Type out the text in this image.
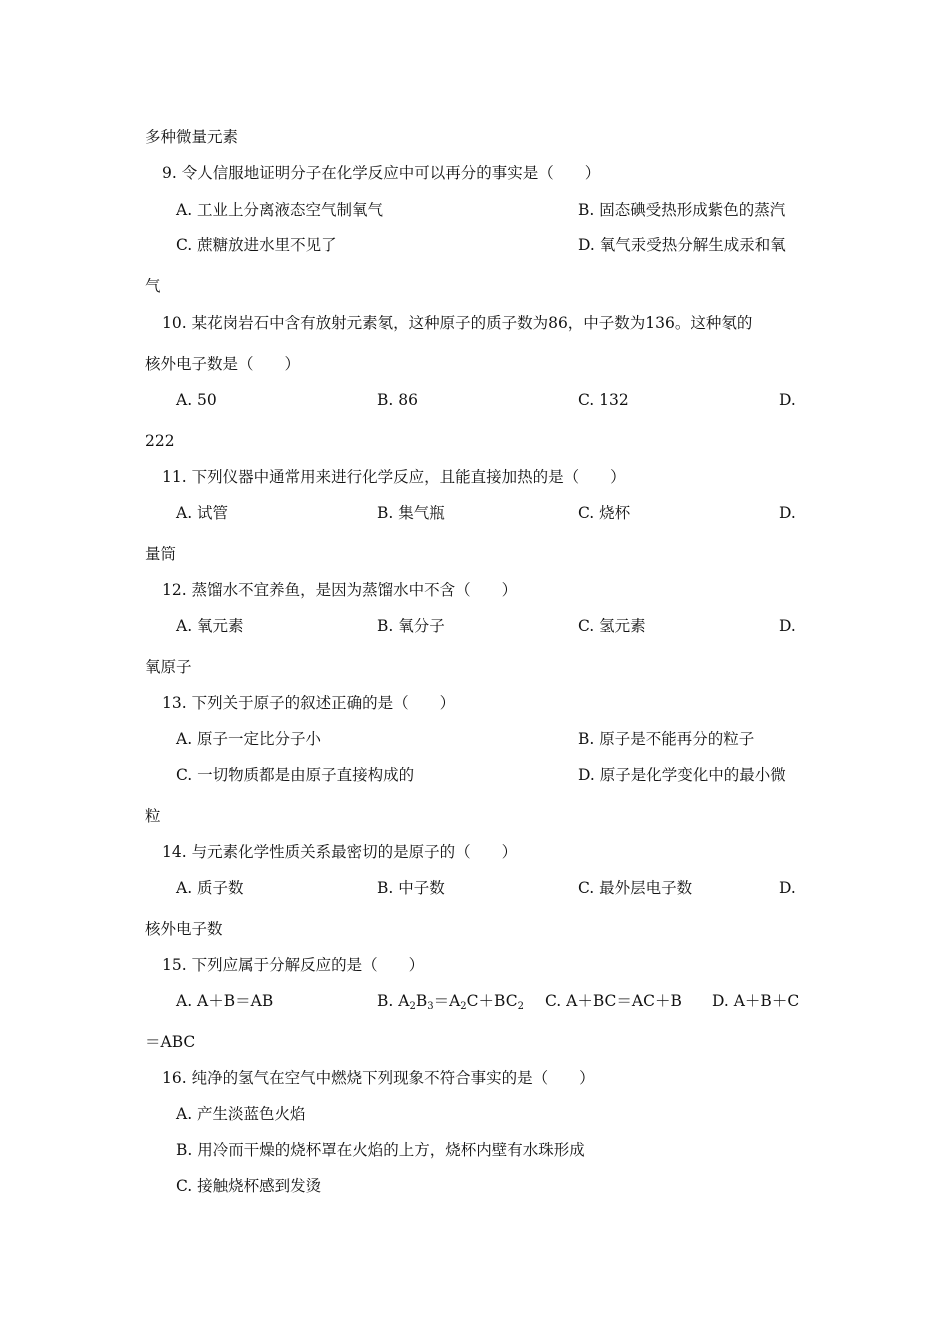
多种微量元素
9. 令人信服地证明分子在化学反应中可以再分的事实是（　　）
A. 工业上分离液态空气制氧气	B. 固态碘受热形成紫色的蒸汽
C. 蔗糖放进水里不见了	D. 氧气汞受热分解生成汞和氧
气
10. 某花岗岩石中含有放射元素氡，这种原子的质子数为86，中子数为136。这种氡的
核外电子数是（　　）
A. 50	B. 86	C. 132	D.
222
11. 下列仪器中通常用来进行化学反应，且能直接加热的是（　　）
A. 试管	B. 集气瓶	C. 烧杯	D.
量筒
12. 蒸馏水不宜养鱼，是因为蒸馏水中不含（　　）
A. 氧元素	B. 氧分子	C. 氢元素	D.
氧原子
13. 下列关于原子的叙述正确的是（　　）
A. 原子一定比分子小	B. 原子是不能再分的粒子
C. 一切物质都是由原子直接构成的	D. 原子是化学变化中的最小微
粒
14. 与元素化学性质关系最密切的是原子的（　　）
A. 质子数	B. 中子数	C. 最外层电子数	D.
核外电子数
15. 下列应属于分解反应的是（　　）
A. A＋B＝AB	B. $A_2B_3=A_2C+BC_2$ C. A＋BC＝AC＋B D. A＋B＋C
＝ABC
16. 纯净的氢气在空气中燃烧下列现象不符合事实的是（　　）
A. 产生淡蓝色火焰
B. 用冷而干燥的烧杯罩在火焰的上方，烧杯内壁有水珠形成
C. 接触烧杯感到发烫
